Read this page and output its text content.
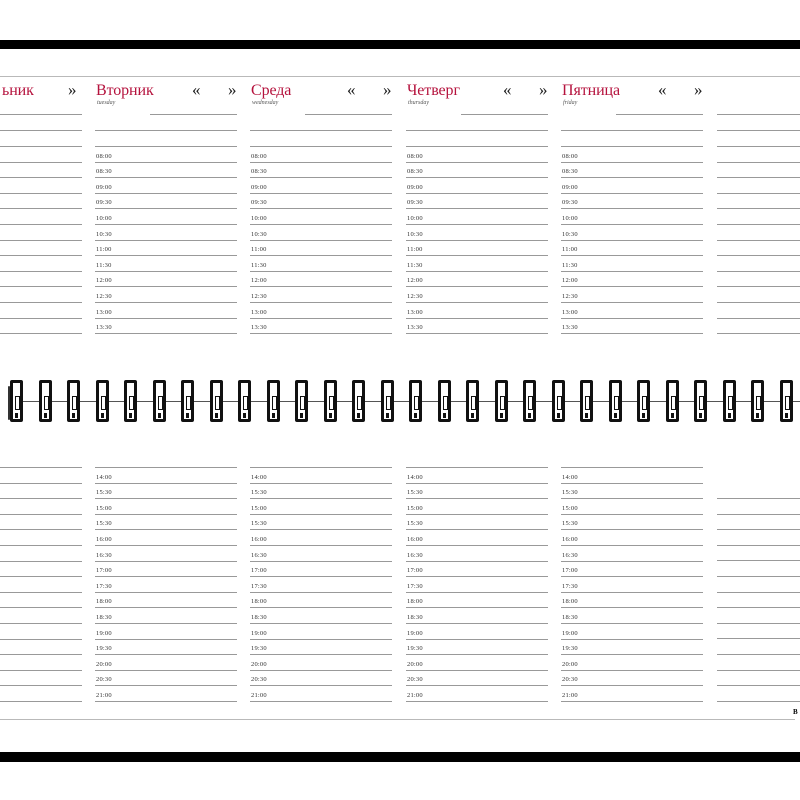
ьник » Вторник
tuesday
« » Среда
wednesday
« » Четверг
thursday
« » Пятница
friday
« »
08:00
08:30
09:00
09:30
10:00
10:30
11:00
11:30
12:00
12:30
13:00
13:30
08:00
08:30
09:00
09:30
10:00
10:30
11:00
11:30
12:00
12:30
13:00
13:30
08:00
08:30
09:00
09:30
10:00
10:30
11:00
11:30
12:00
12:30
13:00
13:30
08:00
08:30
09:00
09:30
10:00
10:30
11:00
11:30
12:00
12:30
13:00
13:30
14:00
15:30
15:00
15:30
16:00
16:30
17:00
17:30
18:00
18:30
19:00
19:30
20:00
20:30
21:00
14:00
15:30
15:00
15:30
16:00
16:30
17:00
17:30
18:00
18:30
19:00
19:30
20:00
20:30
21:00
14:00
15:30
15:00
15:30
16:00
16:30
17:00
17:30
18:00
18:30
19:00
19:30
20:00
20:30
21:00
14:00
15:30
15:00
15:30
16:00
16:30
17:00
17:30
18:00
18:30
19:00
19:30
20:00
20:30
21:00
B
